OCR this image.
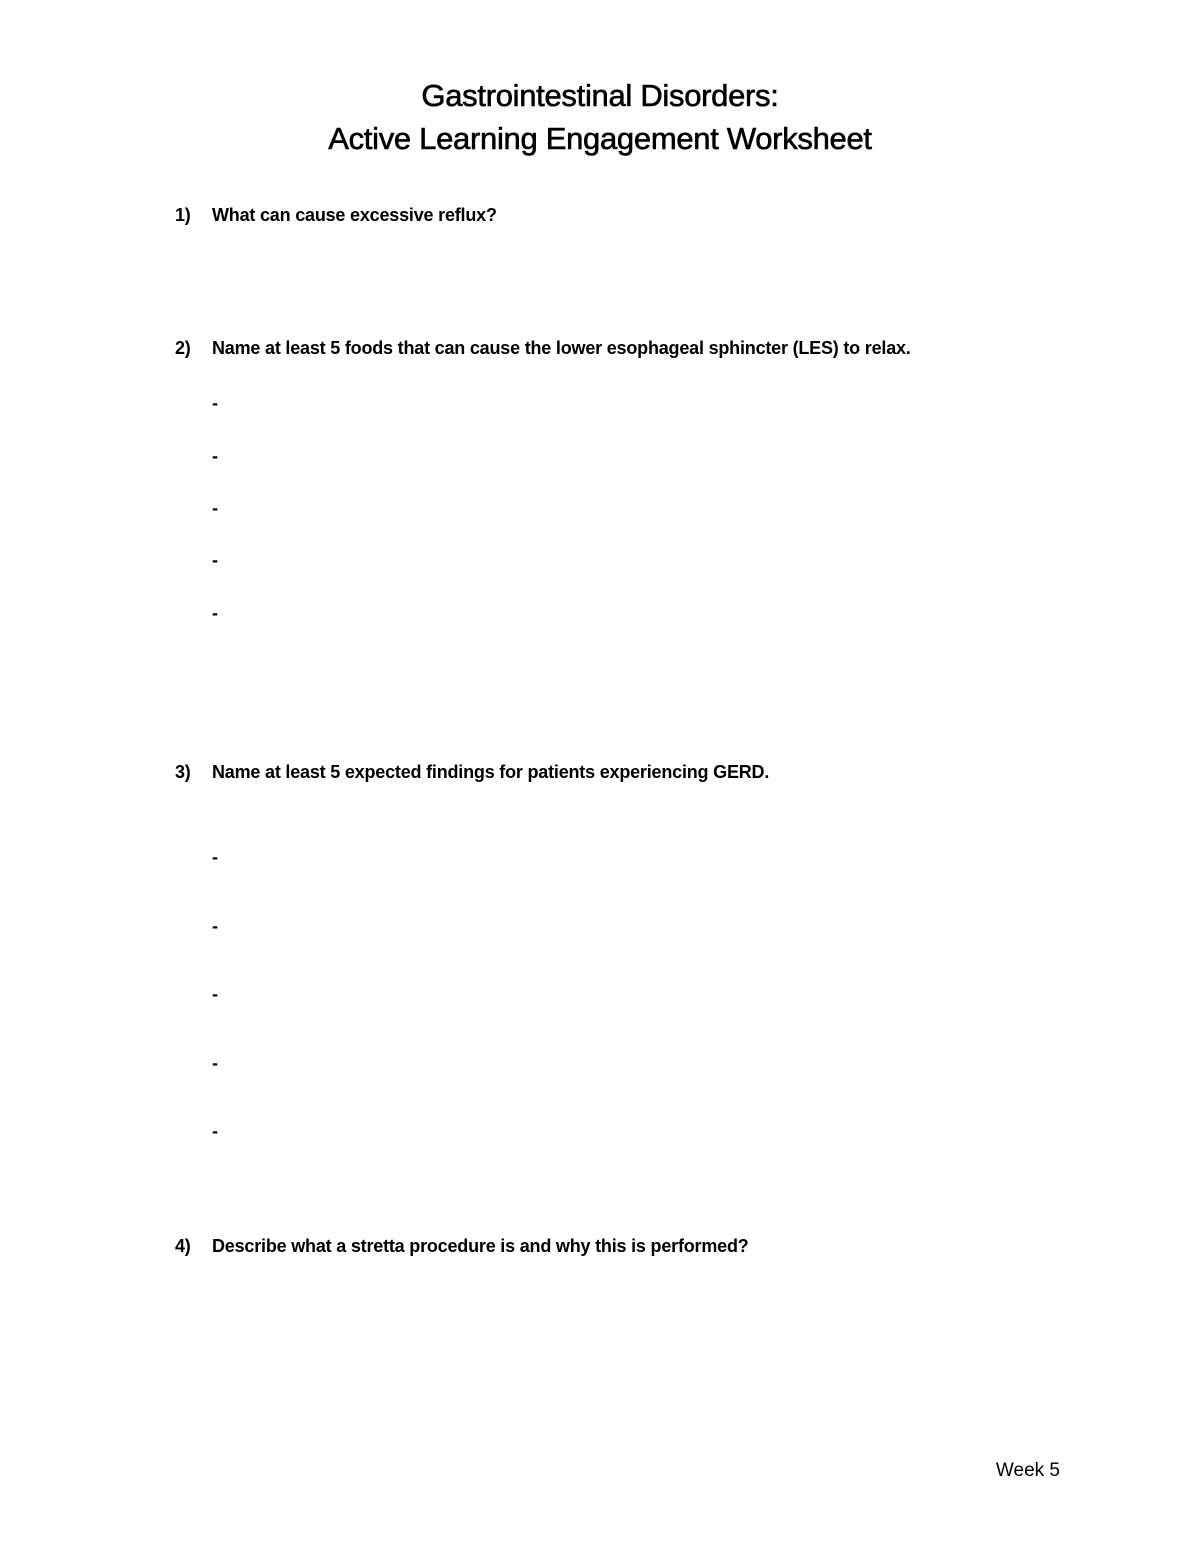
Gastrointestinal Disorders:
Active Learning Engagement Worksheet
1) What can cause excessive reflux?
2) Name at least 5 foods that can cause the lower esophageal sphincter (LES) to relax.
-
-
-
-
-
3) Name at least 5 expected findings for patients experiencing GERD.
-
-
-
-
-
4) Describe what a stretta procedure is and why this is performed?
Week 5
